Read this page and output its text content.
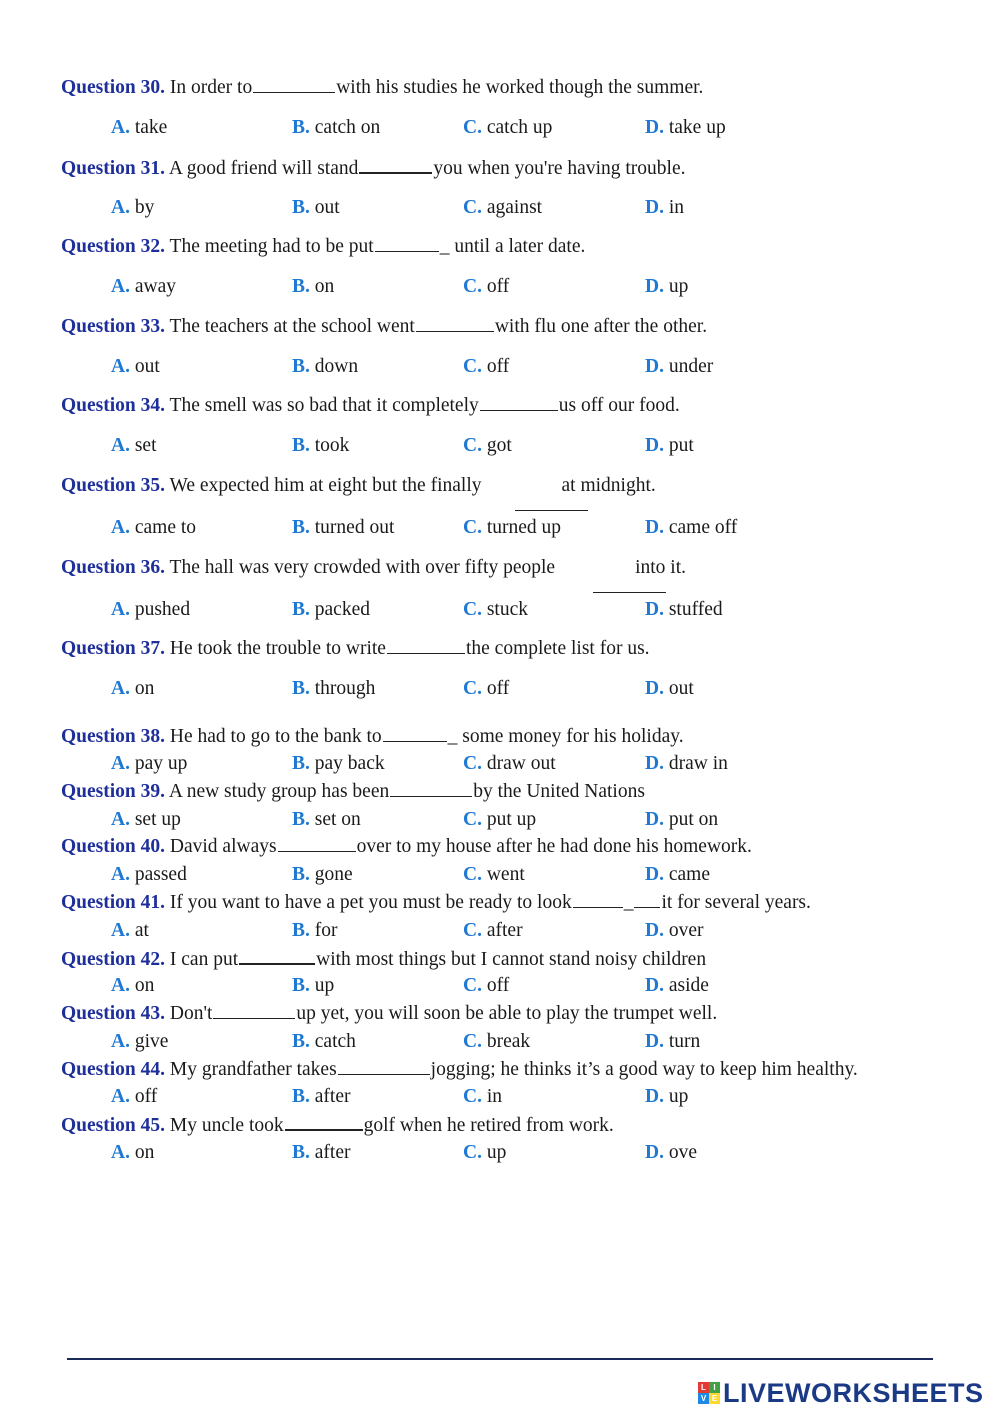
Question 30. In order to	with his studies he worked though the summer.
A. take	B. catch on	C. catch up	D. take up
Question 31. A good friend will stand	you when you're having trouble.
A. by	B. out	C. against	D. in
Question 32. The meeting had to be put	_ until a later date.
A. away	B. on	C. off	D. up
Question 33. The teachers at the school went	with flu one after the other.
A. out	B. down	C. off	D. under
Question 34. The smell was so bad that it completely	us off our food.
A. set	B. took	C. got	D. put
Question 35. We expected him at eight but the finally	at midnight.
A. came to	B. turned out	C. turned up	D. came off
Question 36. The hall was very crowded with over fifty people	into it.
A. pushed	B. packed	C. stuck	D. stuffed
Question 37. He took the trouble to write	the complete list for us.
A. on	B. through	C. off	D. out
Question 38. He had to go to the bank to	_ some money for his holiday.
A. pay up	B. pay back	C. draw out	D. draw in
Question 39. A new study group has been	by the United Nations
A. set up	B. set on	C. put up	D. put on
Question 40. David always	over to my house after he had done his homework.
A. passed	B. gone	C. went	D. came
Question 41. If you want to have a pet you must be ready to look	_ it for several years.
A. at	B. for	C. after	D. over
Question 42. I can put	with most things but I cannot stand noisy children
A. on	B. up	C. off	D. aside
Question 43. Don't	up yet, you will soon be able to play the trumpet well.
A. give	B. catch	C. break	D. turn
Question 44. My grandfather takes	jogging; he thinks it’s a good way to keep him healthy.
A. off	B. after	C. in	D. up
Question 45. My uncle took	golf when he retired from work.
A. on	B. after	C. up	D. ove
L I
V E LIVEWORKSHEETS
